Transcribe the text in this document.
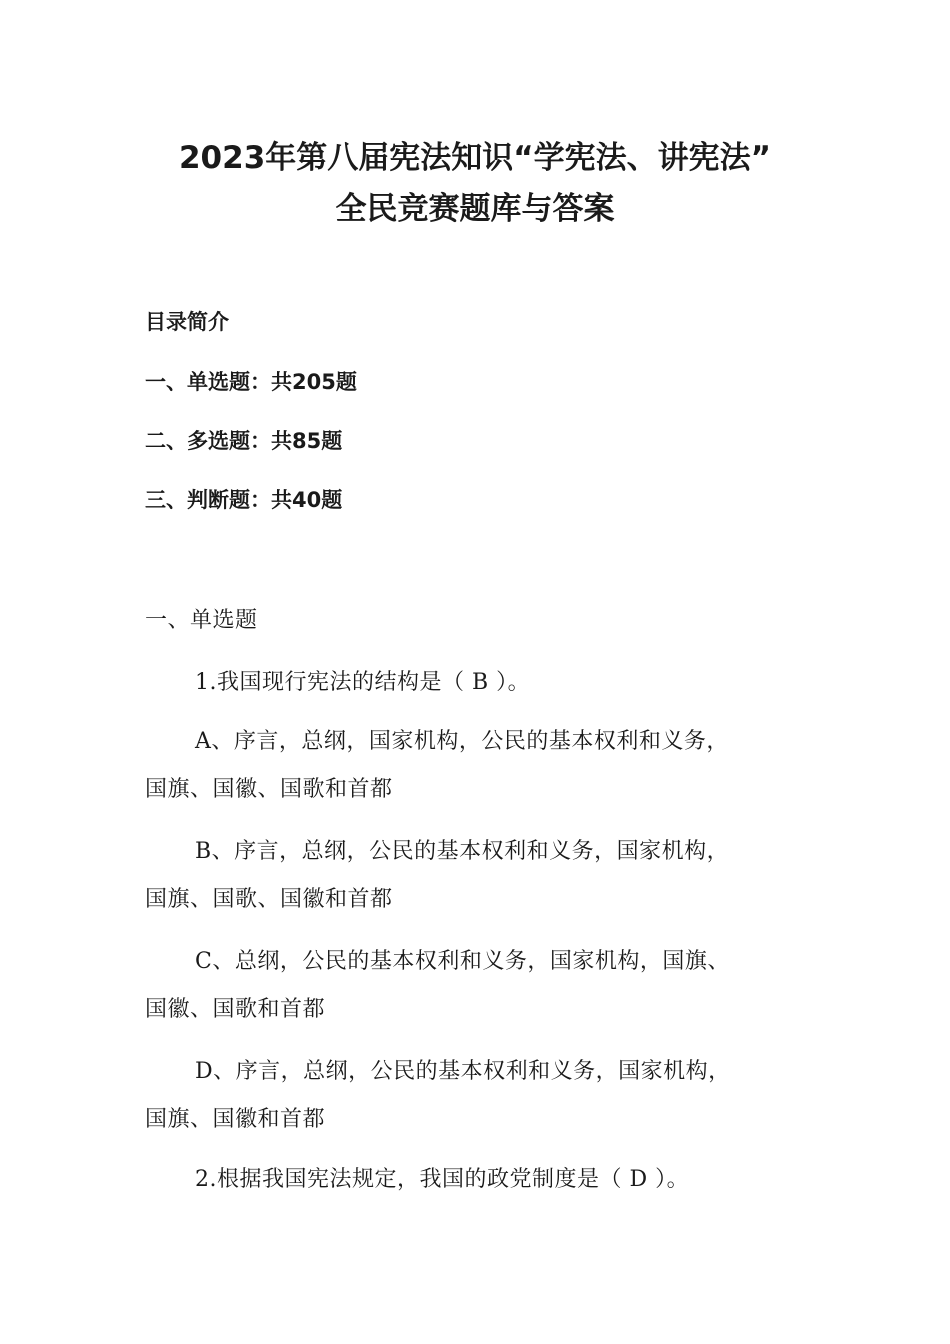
2023年第八届宪法知识“学宪法、讲宪法”
全民竞赛题库与答案
目录简介
一、单选题：共205题
二、多选题：共85题
三、判断题：共40题
一、单选题
1.我国现行宪法的结构是（ B ）。
A、序言，总纲，国家机构，公民的基本权利和义务，
国旗、国徽、国歌和首都
B、序言，总纲，公民的基本权利和义务，国家机构，
国旗、国歌、国徽和首都
C、总纲，公民的基本权利和义务，国家机构，国旗、
国徽、国歌和首都
D、序言，总纲，公民的基本权利和义务，国家机构，
国旗、国徽和首都
2.根据我国宪法规定，我国的政党制度是（ D ）。
